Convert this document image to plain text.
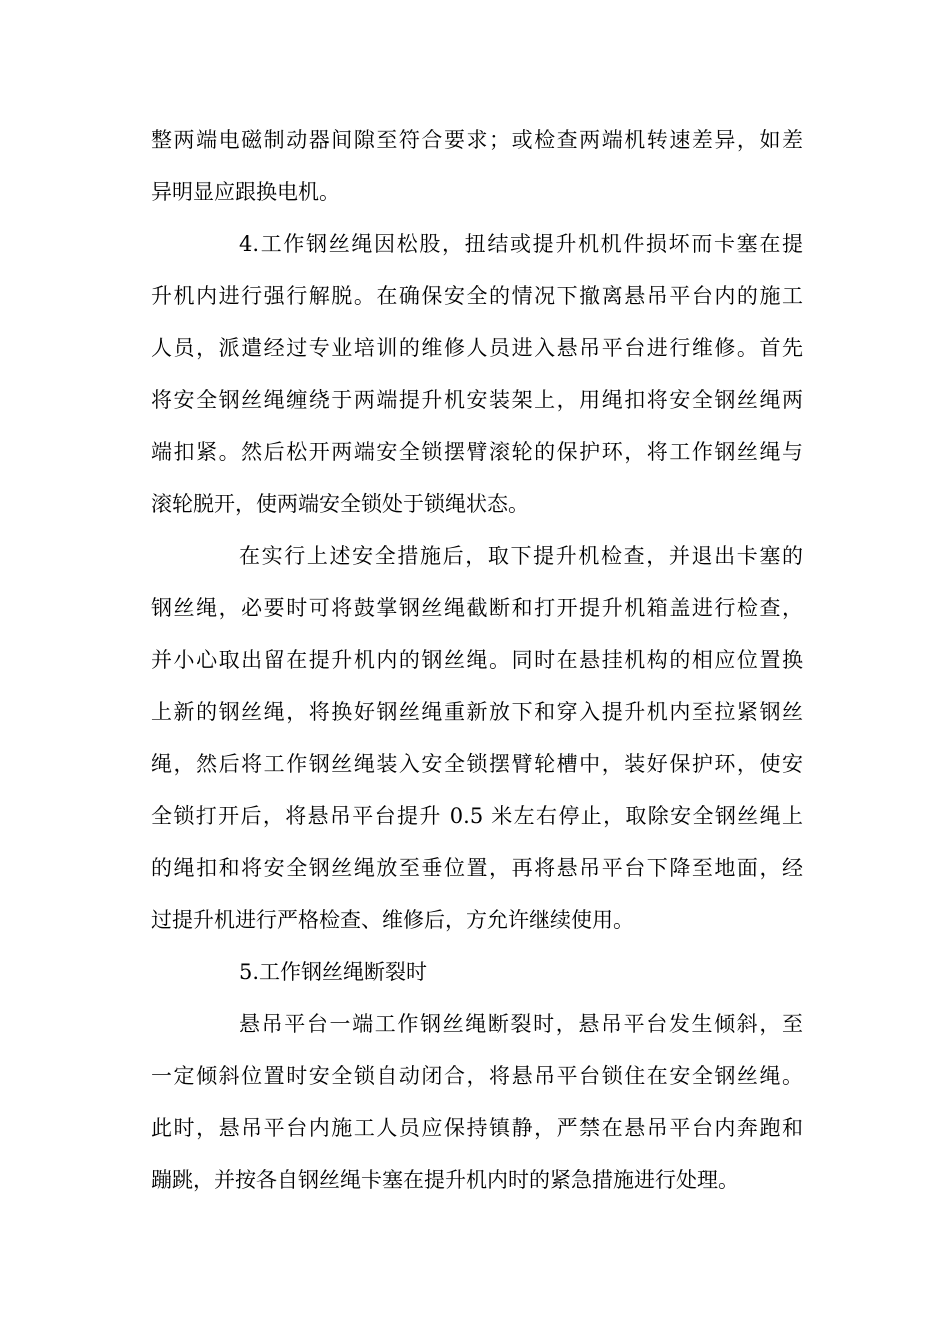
整两端电磁制动器间隙至符合要求；或检查两端机转速差异，如差
异明显应跟换电机。
4.工作钢丝绳因松股，扭结或提升机机件损坏而卡塞在提
升机内进行强行解脱。在确保安全的情况下撤离悬吊平台内的施工
人员，派遣经过专业培训的维修人员进入悬吊平台进行维修。首先
将安全钢丝绳缠绕于两端提升机安装架上，用绳扣将安全钢丝绳两
端扣紧。然后松开两端安全锁摆臂滚轮的保护环，将工作钢丝绳与
滚轮脱开，使两端安全锁处于锁绳状态。
在实行上述安全措施后，取下提升机检查，并退出卡塞的
钢丝绳，必要时可将鼓掌钢丝绳截断和打开提升机箱盖进行检查，
并小心取出留在提升机内的钢丝绳。同时在悬挂机构的相应位置换
上新的钢丝绳，将换好钢丝绳重新放下和穿入提升机内至拉紧钢丝
绳，然后将工作钢丝绳装入安全锁摆臂轮槽中，装好保护环，使安
全锁打开后，将悬吊平台提升 0.5 米左右停止，取除安全钢丝绳上
的绳扣和将安全钢丝绳放至垂位置，再将悬吊平台下降至地面，经
过提升机进行严格检查、维修后，方允许继续使用。
5.工作钢丝绳断裂时
悬吊平台一端工作钢丝绳断裂时，悬吊平台发生倾斜，至
一定倾斜位置时安全锁自动闭合，将悬吊平台锁住在安全钢丝绳。
此时，悬吊平台内施工人员应保持镇静，严禁在悬吊平台内奔跑和
蹦跳，并按各自钢丝绳卡塞在提升机内时的紧急措施进行处理。
